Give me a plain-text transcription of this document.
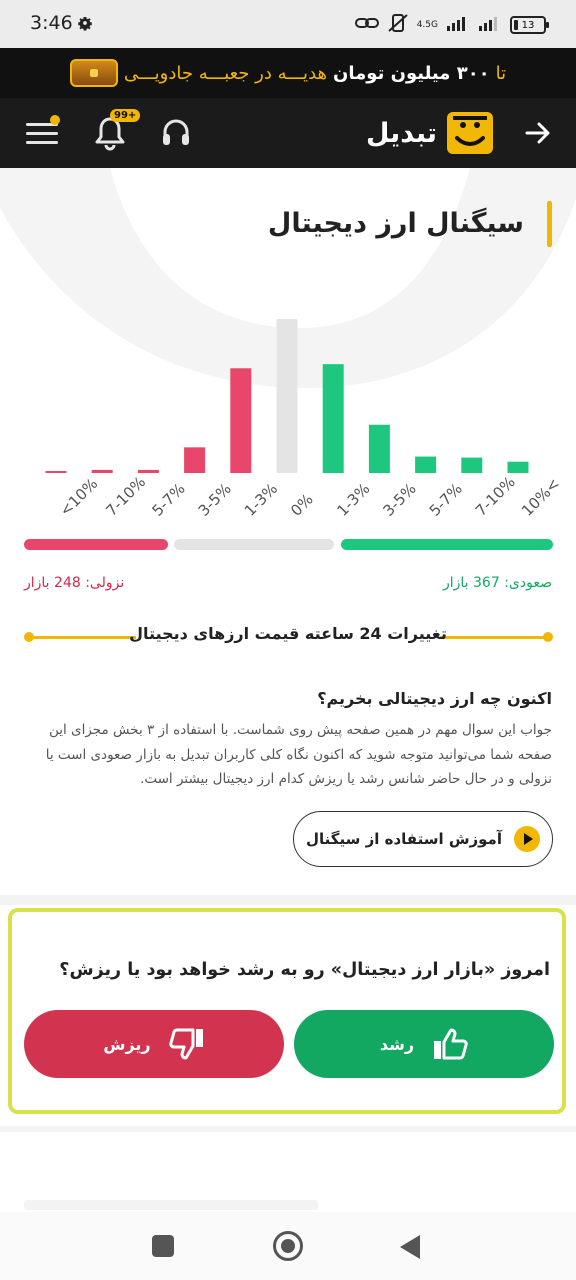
3:46	4.5G	13
تا
۳۰۰ میلیون تومان
هدیـــه در جعبـــه جادویـــی
99+
تبدیل
سیگنال ارز دیجیتال
<10% 7-10% 5-7% 3-5% 1-3% 0% 1-3% 3-5% 5-7% 7-10% 10%<
صعودی: 367 بازار
نزولی: 248 بازار
تغییرات 24 ساعته قیمت ارزهای دیجیتال
اکنون چه ارز دیجیتالی بخریم؟

جواب این سوال مهم در همین صفحه پیش روی شماست. با استفاده از ۳ بخش مجزای این صفحه شما می‌توانید متوجه شوید که اکنون نگاه کلی کاربران تبدیل به بازار صعودی است یا نزولی و در حال حاضر شانس رشد یا ریزش کدام ارز دیجیتال بیشتر است.

آموزش استفاده از سیگنال
امروز «بازار ارز دیجیتال» رو به رشد خواهد بود یا ریزش؟
رشد
ریزش
